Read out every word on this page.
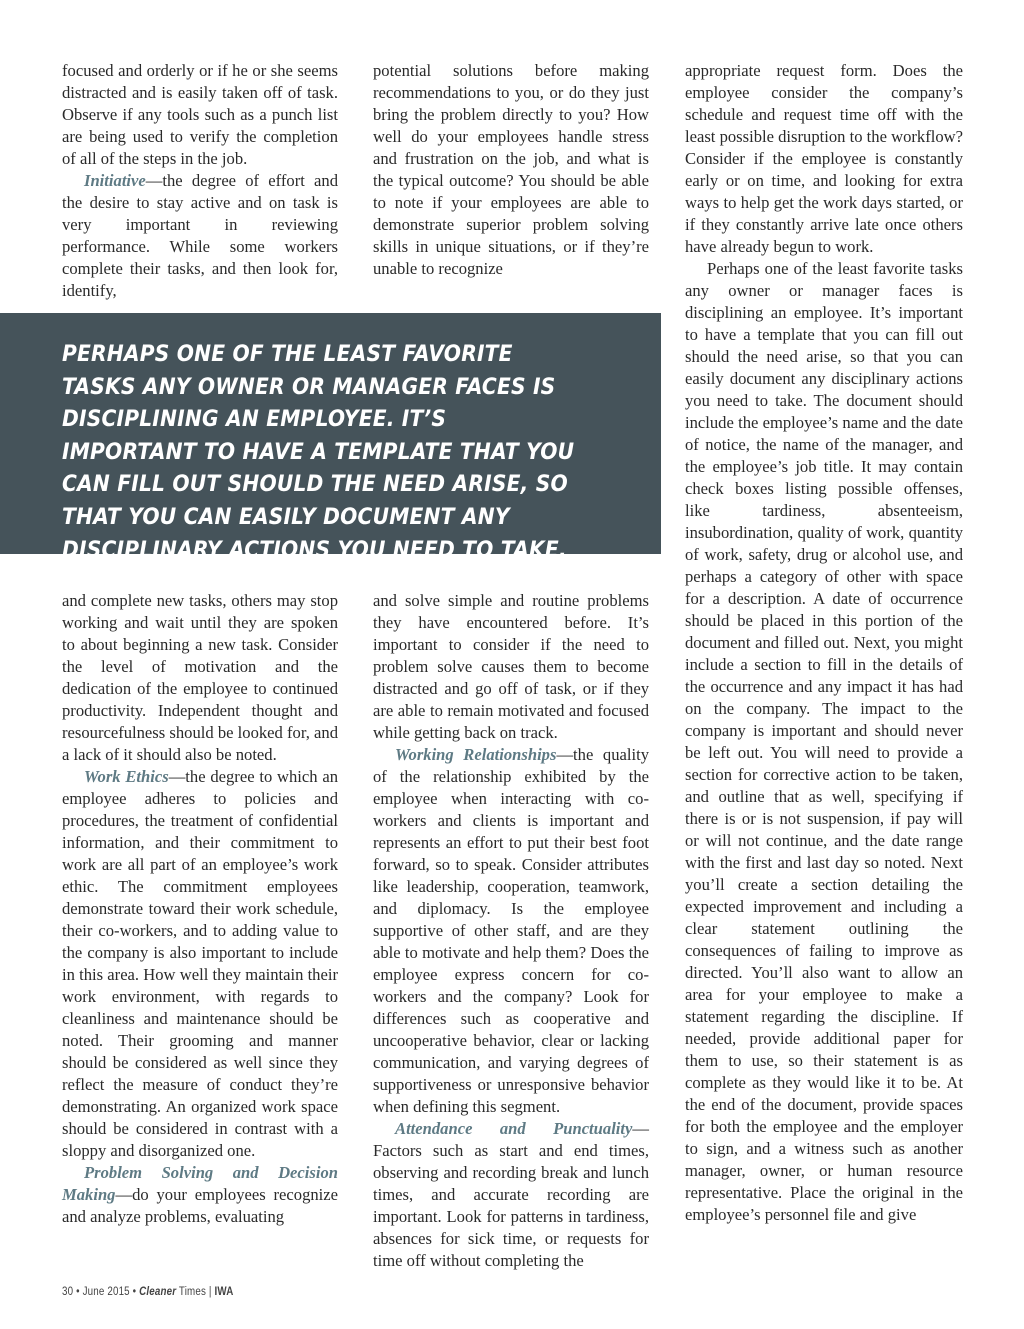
focused and orderly or if he or she seems distracted and is easily taken off of task. Observe if any tools such as a punch list are being used to verify the completion of all of the steps in the job.

Initiative—the degree of effort and the desire to stay active and on task is very important in reviewing performance. While some workers complete their tasks, and then look for, identify,

potential solutions before making recommendations to you, or do they just bring the problem directly to you? How well do your employees handle stress and frustration on the job, and what is the typical outcome? You should be able to note if your employees are able to demonstrate superior problem solving skills in unique situations, or if they’re unable to recognize

PERHAPS ONE OF THE LEAST FAVORITE TASKS ANY OWNER OR MANAGER FACES IS DISCIPLINING AN EMPLOYEE. IT’S IMPORTANT TO HAVE A TEMPLATE THAT YOU CAN FILL OUT SHOULD THE NEED ARISE, SO THAT YOU CAN EASILY DOCUMENT ANY DISCIPLINARY ACTIONS YOU NEED TO TAKE.

and complete new tasks, others may stop working and wait until they are spoken to about beginning a new task. Consider the level of motivation and the dedication of the employee to continued productivity. Independent thought and resourcefulness should be looked for, and a lack of it should also be noted.

Work Ethics—the degree to which an employee adheres to policies and procedures, the treatment of confidential information, and their commitment to work are all part of an employee’s work ethic. The commitment employees demonstrate toward their work schedule, their co-workers, and to adding value to the company is also important to include in this area. How well they maintain their work environment, with regards to cleanliness and maintenance should be noted. Their grooming and manner should be considered as well since they reflect the measure of conduct they’re demonstrating. An organized work space should be considered in contrast with a sloppy and disorganized one.

Problem Solving and Decision Making—do your employees recognize and analyze problems, evaluating

and solve simple and routine problems they have encountered before. It’s important to consider if the need to problem solve causes them to become distracted and go off of task, or if they are able to remain motivated and focused while getting back on track.

Working Relationships—the quality of the relationship exhibited by the employee when interacting with co-workers and clients is important and represents an effort to put their best foot forward, so to speak. Consider attributes like leadership, cooperation, teamwork, and diplomacy. Is the employee supportive of other staff, and are they able to motivate and help them? Does the employee express concern for co-workers and the company? Look for differences such as cooperative and uncooperative behavior, clear or lacking communication, and varying degrees of supportiveness or unresponsive behavior when defining this segment.

Attendance and Punctuality—Factors such as start and end times, observing and recording break and lunch times, and accurate recording are important. Look for patterns in tardiness, absences for sick time, or requests for time off without completing the

appropriate request form. Does the employee consider the company’s schedule and request time off with the least possible disruption to the workflow? Consider if the employee is constantly early or on time, and looking for extra ways to help get the work days started, or if they constantly arrive late once others have already begun to work.

Perhaps one of the least favorite tasks any owner or manager faces is disciplining an employee. It’s important to have a template that you can fill out should the need arise, so that you can easily document any disciplinary actions you need to take. The document should include the employee’s name and the date of notice, the name of the manager, and the employee’s job title. It may contain check boxes listing possible offenses, like tardiness, absenteeism, insubordination, quality of work, quantity of work, safety, drug or alcohol use, and perhaps a category of other with space for a description. A date of occurrence should be placed in this portion of the document and filled out. Next, you might include a section to fill in the details of the occurrence and any impact it has had on the company. The impact to the company is important and should never be left out. You will need to provide a section for corrective action to be taken, and outline that as well, specifying if there is or is not suspension, if pay will or will not continue, and the date range with the first and last day so noted. Next you’ll create a section detailing the expected improvement and including a clear statement outlining the consequences of failing to improve as directed. You’ll also want to allow an area for your employee to make a statement regarding the discipline. If needed, provide additional paper for them to use, so their statement is as complete as they would like it to be. At the end of the document, provide spaces for both the employee and the employer to sign, and a witness such as another manager, owner, or human resource representative. Place the original in the employee’s personnel file and give

30 • June 2015 • Cleaner Times | IWA
